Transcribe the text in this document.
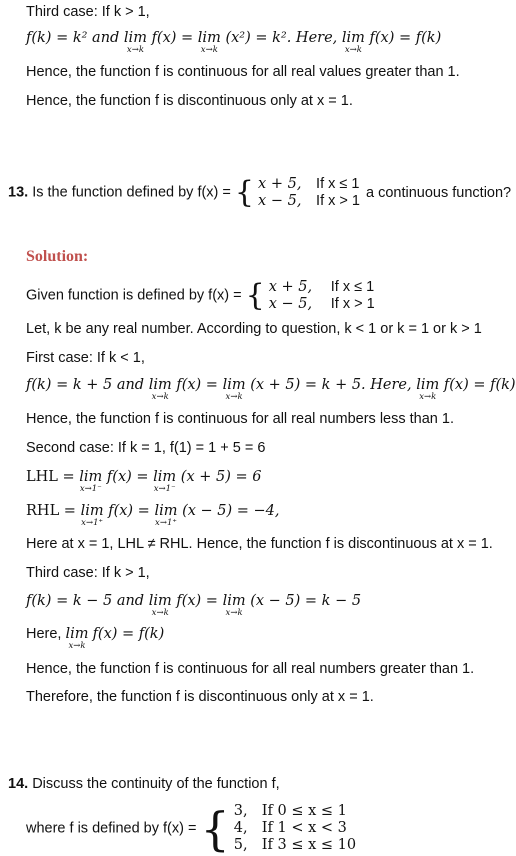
Third case: If k > 1,
f(k) = k² and lim
x→k
f(x) = lim
x→k
(x²) = k². Here, lim
x→k
f(x) = f(k)
Hence, the function f is continuous for all real values greater than 1.
Hence, the function f is discontinuous only at x = 1.
13. Is the function defined by f(x) = { x + 5, If x ≤ 1
x − 5, If x > 1 a continuous function?
Solution:
Given function is defined by f(x) = { x + 5, If x ≤ 1
x − 5, If x > 1
Let, k be any real number. According to question, k < 1 or k = 1 or k > 1
First case: If k < 1,
f(k) = k + 5 and lim
x→k
f(x) = lim
x→k
(x + 5) = k + 5. Here, lim
x→k
f(x) = f(k)
Hence, the function f is continuous for all real numbers less than 1.
Second case: If k = 1, f(1) = 1 + 5 = 6
LHL = lim
x→1⁻
f(x) = lim
x→1⁻
(x + 5) = 6
RHL = lim
x→1⁺
f(x) = lim
x→1⁺
(x − 5) = −4,
Here at x = 1, LHL ≠ RHL. Hence, the function f is discontinuous at x = 1.
Third case: If k > 1,
f(k) = k − 5 and lim
x→k
f(x) = lim
x→k
(x − 5) = k − 5
Here, lim
x→k
f(x) = f(k)
Hence, the function f is continuous for all real numbers greater than 1.
Therefore, the function f is discontinuous only at x = 1.
14. Discuss the continuity of the function f,
where f is defined by f(x) = { 3, If 0 ≤ x ≤ 1
4, If 1 < x < 3
5, If 3 ≤ x ≤ 10
